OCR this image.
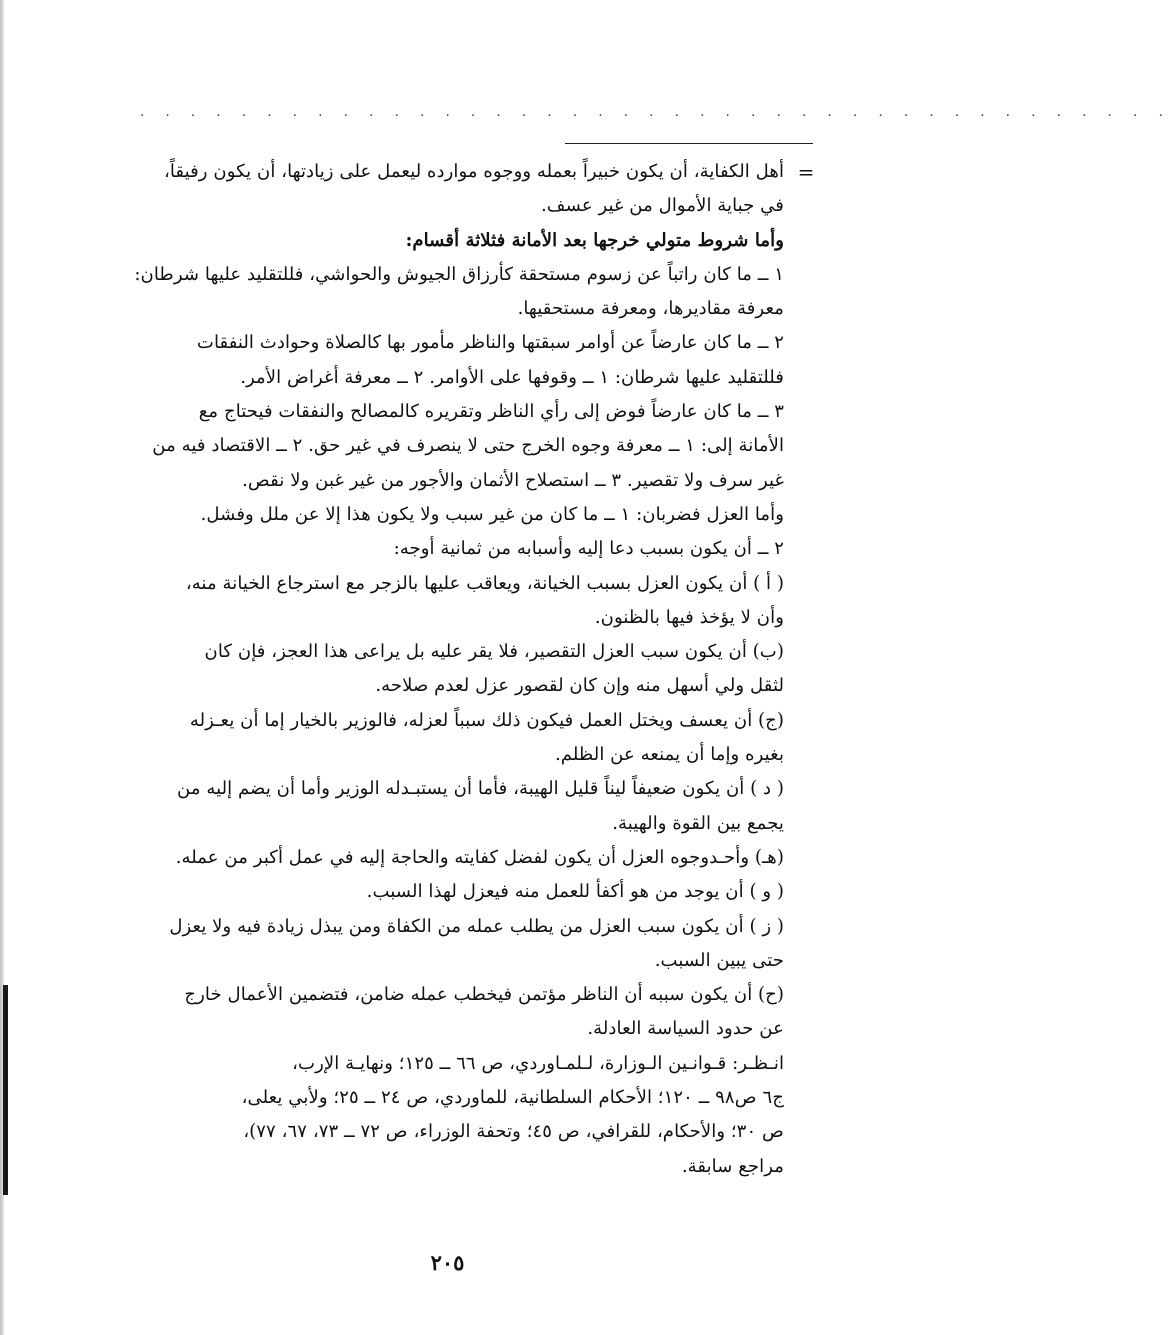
. . . . . . . . . . . . . . . . . . . . . . . . . . . . . . . . . . . . . . . . .
=

أهل الكفاية، أن يكون خبيراً بعمله ووجوه موارده ليعمل على زيادتها، أن يكون رفيقاً،

في جباية الأموال من غير عسف.

وأما شروط متولي خرجها بعد الأمانة فثلاثة أقسام:

١ ــ ما كان راتباً عن زسوم مستحقة كأرزاق الجيوش والحواشي، فللتقليد عليها شرطان:

معرفة مقاديرها، ومعرفة مستحقيها.

٢ ــ ما كان عارضاً عن أوامر سبقتها والناظر مأمور بها كالصلاة وحوادث النفقات

فللتقليد عليها شرطان: ١ ــ وقوفها على الأوامر. ٢ ــ معرفة أغراض الأمر.

٣ ــ ما كان عارضاً فوض إلى رأي الناظر وتقريره كالمصالح والنفقات فيحتاج مع

الأمانة إلى: ١ ــ معرفة وجوه الخرج حتى لا ينصرف في غير حق. ٢ ــ الاقتصاد فيه من

غير سرف ولا تقصير. ٣ ــ استصلاح الأثمان والأجور من غير غبن ولا نقص.

وأما العزل فضربان: ١ ــ ما كان من غير سبب ولا يكون هذا إلا عن ملل وفشل.

٢ ــ أن يكون بسبب دعا إليه وأسبابه من ثمانية أوجه:

( أ ) أن يكون العزل بسبب الخيانة، ويعاقب عليها بالزجر مع استرجاع الخيانة منه،

وأن لا يؤخذ فيها بالظنون.

(ب) أن يكون سبب العزل التقصير، فلا يقر عليه بل يراعى هذا العجز، فإن كان

لثقل ولي أسهل منه وإن كان لقصور عزل لعدم صلاحه.

(ج) أن يعسف ويختل العمل فيكون ذلك سبباً لعزله، فالوزير بالخيار إما أن يعـزله

بغيره وإما أن يمنعه عن الظلم.

( د ) أن يكون ضعيفاً ليناً قليل الهيبة، فأما أن يستبـدله الوزير وأما أن يضم إليه من

يجمع بين القوة والهيبة.

(هـ) وأحـدوجوه العزل أن يكون لفضل كفايته والحاجة إليه في عمل أكبر من عمله.

( و ) أن يوجد من هو أكفأ للعمل منه فيعزل لهذا السبب.

( ز ) أن يكون سبب العزل من يطلب عمله من الكفاة ومن يبذل زيادة فيه ولا يعزل

حتى يبين السبب.

(ح) أن يكون سببه أن الناظر مؤتمن فيخطب عمله ضامن، فتضمين الأعمال خارج

عن حدود السياسة العادلة.

انـظـر: قـوانـين الـوزارة، لـلمـاوردي، ص ٦٦ ــ ١٢٥؛ ونهايـة الإرب،

ج٦ ص٩٨ ــ ١٢٠؛ الأحكام السلطانية، للماوردي، ص ٢٤ ــ ٢٥؛ ولأبي يعلى،

ص ٣٠؛ والأحكام، للقرافي، ص ٤٥؛ وتحفة الوزراء، ص ٧٢ ــ ٧٣، ٦٧، ٧٧)،

مراجع سابقة.

٢٠٥
